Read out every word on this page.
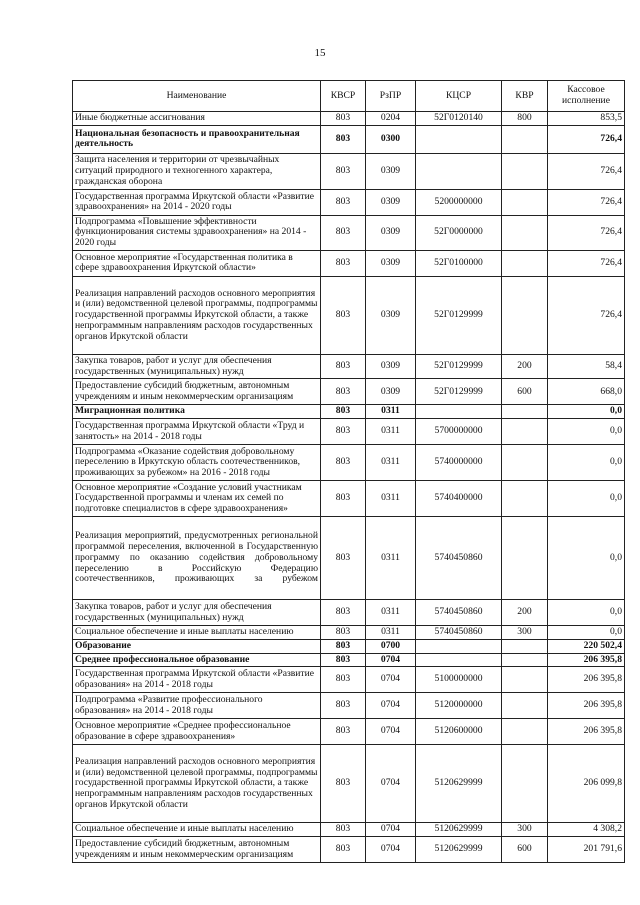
15
Наименование	КВСР	РзПР	КЦСР	КВР	Кассовое исполнение
Иные бюджетные ассигнования	803	0204	52Г0120140	800	853,5
Национальная безопасность и правоохранительная деятельность	803	0300			726,4
Защита населения и территории от чрезвычайных ситуаций природного и техногенного характера, гражданская оборона	803	0309			726,4
Государственная программа Иркутской области «Развитие здравоохранения» на 2014 - 2020 годы	803	0309	5200000000		726,4
Подпрограмма «Повышение эффективности функционирования системы здравоохранения» на 2014 - 2020 годы	803	0309	52Г0000000		726,4
Основное мероприятие «Государственная политика в сфере здравоохранения Иркутской области»	803	0309	52Г0100000		726,4
Реализация направлений расходов основного мероприятия и (или) ведомственной целевой программы, подпрограммы государственной программы Иркутской области, а также непрограммным направлениям расходов государственных органов Иркутской области	803	0309	52Г0129999		726,4
Закупка товаров, работ и услуг для обеспечения государственных (муниципальных) нужд	803	0309	52Г0129999	200	58,4
Предоставление субсидий бюджетным, автономным учреждениям и иным некоммерческим организациям	803	0309	52Г0129999	600	668,0
Миграционная политика	803	0311			0,0
Государственная программа Иркутской области «Труд и занятость» на 2014 - 2018 годы	803	0311	5700000000		0,0
Подпрограмма «Оказание содействия добровольному переселению в Иркутскую область соотечественников, проживающих за рубежом» на 2016 - 2018 годы	803	0311	5740000000		0,0
Основное мероприятие «Создание условий участникам Государственной программы и членам их семей по подготовке специалистов в сфере здравоохранения»	803	0311	5740400000		0,0
Реализация мероприятий, предусмотренных региональной программой переселения, включенной в Государственную программу по оказанию содействия добровольному переселению в Российскую Федерацию соотечественников, проживающих за рубежом	803	0311	5740450860		0,0
Закупка товаров, работ и услуг для обеспечения государственных (муниципальных) нужд	803	0311	5740450860	200	0,0
Социальное обеспечение и иные выплаты населению	803	0311	5740450860	300	0,0
Образование	803	0700			220 502,4
Среднее профессиональное образование	803	0704			206 395,8
Государственная программа Иркутской области «Развитие образования» на 2014 - 2018 годы	803	0704	5100000000		206 395,8
Подпрограмма «Развитие профессионального образования» на 2014 - 2018 годы	803	0704	5120000000		206 395,8
Основное мероприятие «Среднее профессиональное образование в сфере здравоохранения»	803	0704	5120600000		206 395,8
Реализация направлений расходов основного мероприятия и (или) ведомственной целевой программы, подпрограммы государственной программы Иркутской области, а также непрограммным направлениям расходов государственных органов Иркутской области	803	0704	5120629999		206 099,8
Социальное обеспечение и иные выплаты населению	803	0704	5120629999	300	4 308,2
Предоставление субсидий бюджетным, автономным учреждениям и иным некоммерческим организациям	803	0704	5120629999	600	201 791,6
